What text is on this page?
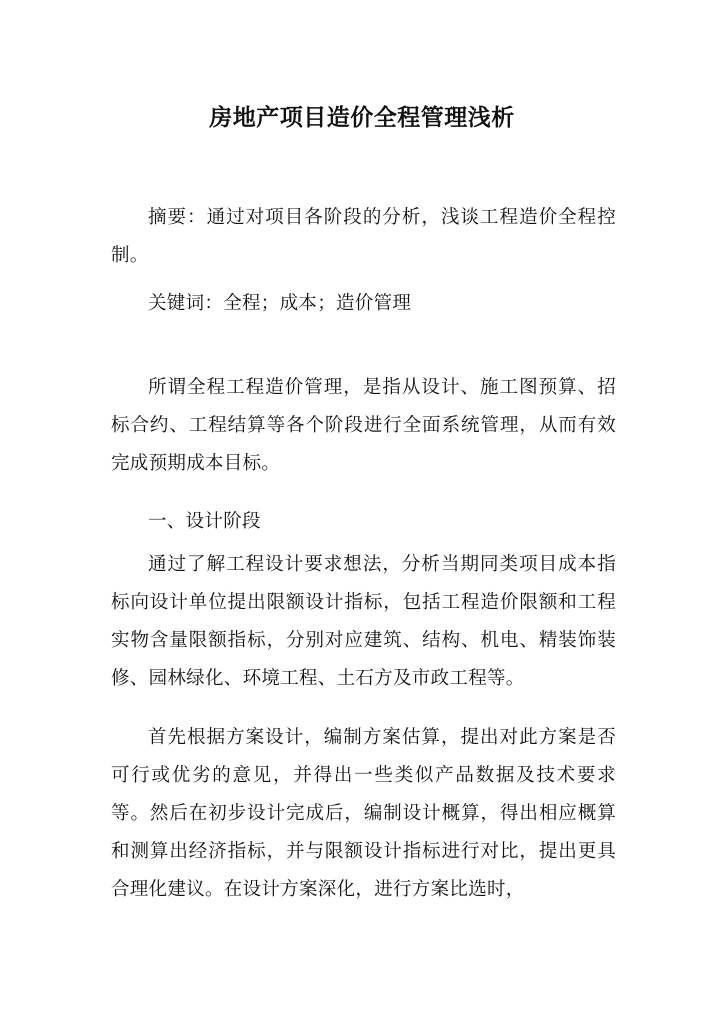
房地产项目造价全程管理浅析

摘要：通过对项目各阶段的分析，浅谈工程造价全程控制。

关键词：全程；成本；造价管理

所谓全程工程造价管理，是指从设计、施工图预算、招标合约、工程结算等各个阶段进行全面系统管理，从而有效完成预期成本目标。

一、设计阶段

通过了解工程设计要求想法，分析当期同类项目成本指标向设计单位提出限额设计指标，包括工程造价限额和工程实物含量限额指标，分别对应建筑、结构、机电、精装饰装修、园林绿化、环境工程、土石方及市政工程等。

首先根据方案设计，编制方案估算，提出对此方案是否可行或优劣的意见，并得出一些类似产品数据及技术要求等。然后在初步设计完成后，编制设计概算，得出相应概算和测算出经济指标，并与限额设计指标进行对比，提出更具合理化建议。在设计方案深化，进行方案比选时，
